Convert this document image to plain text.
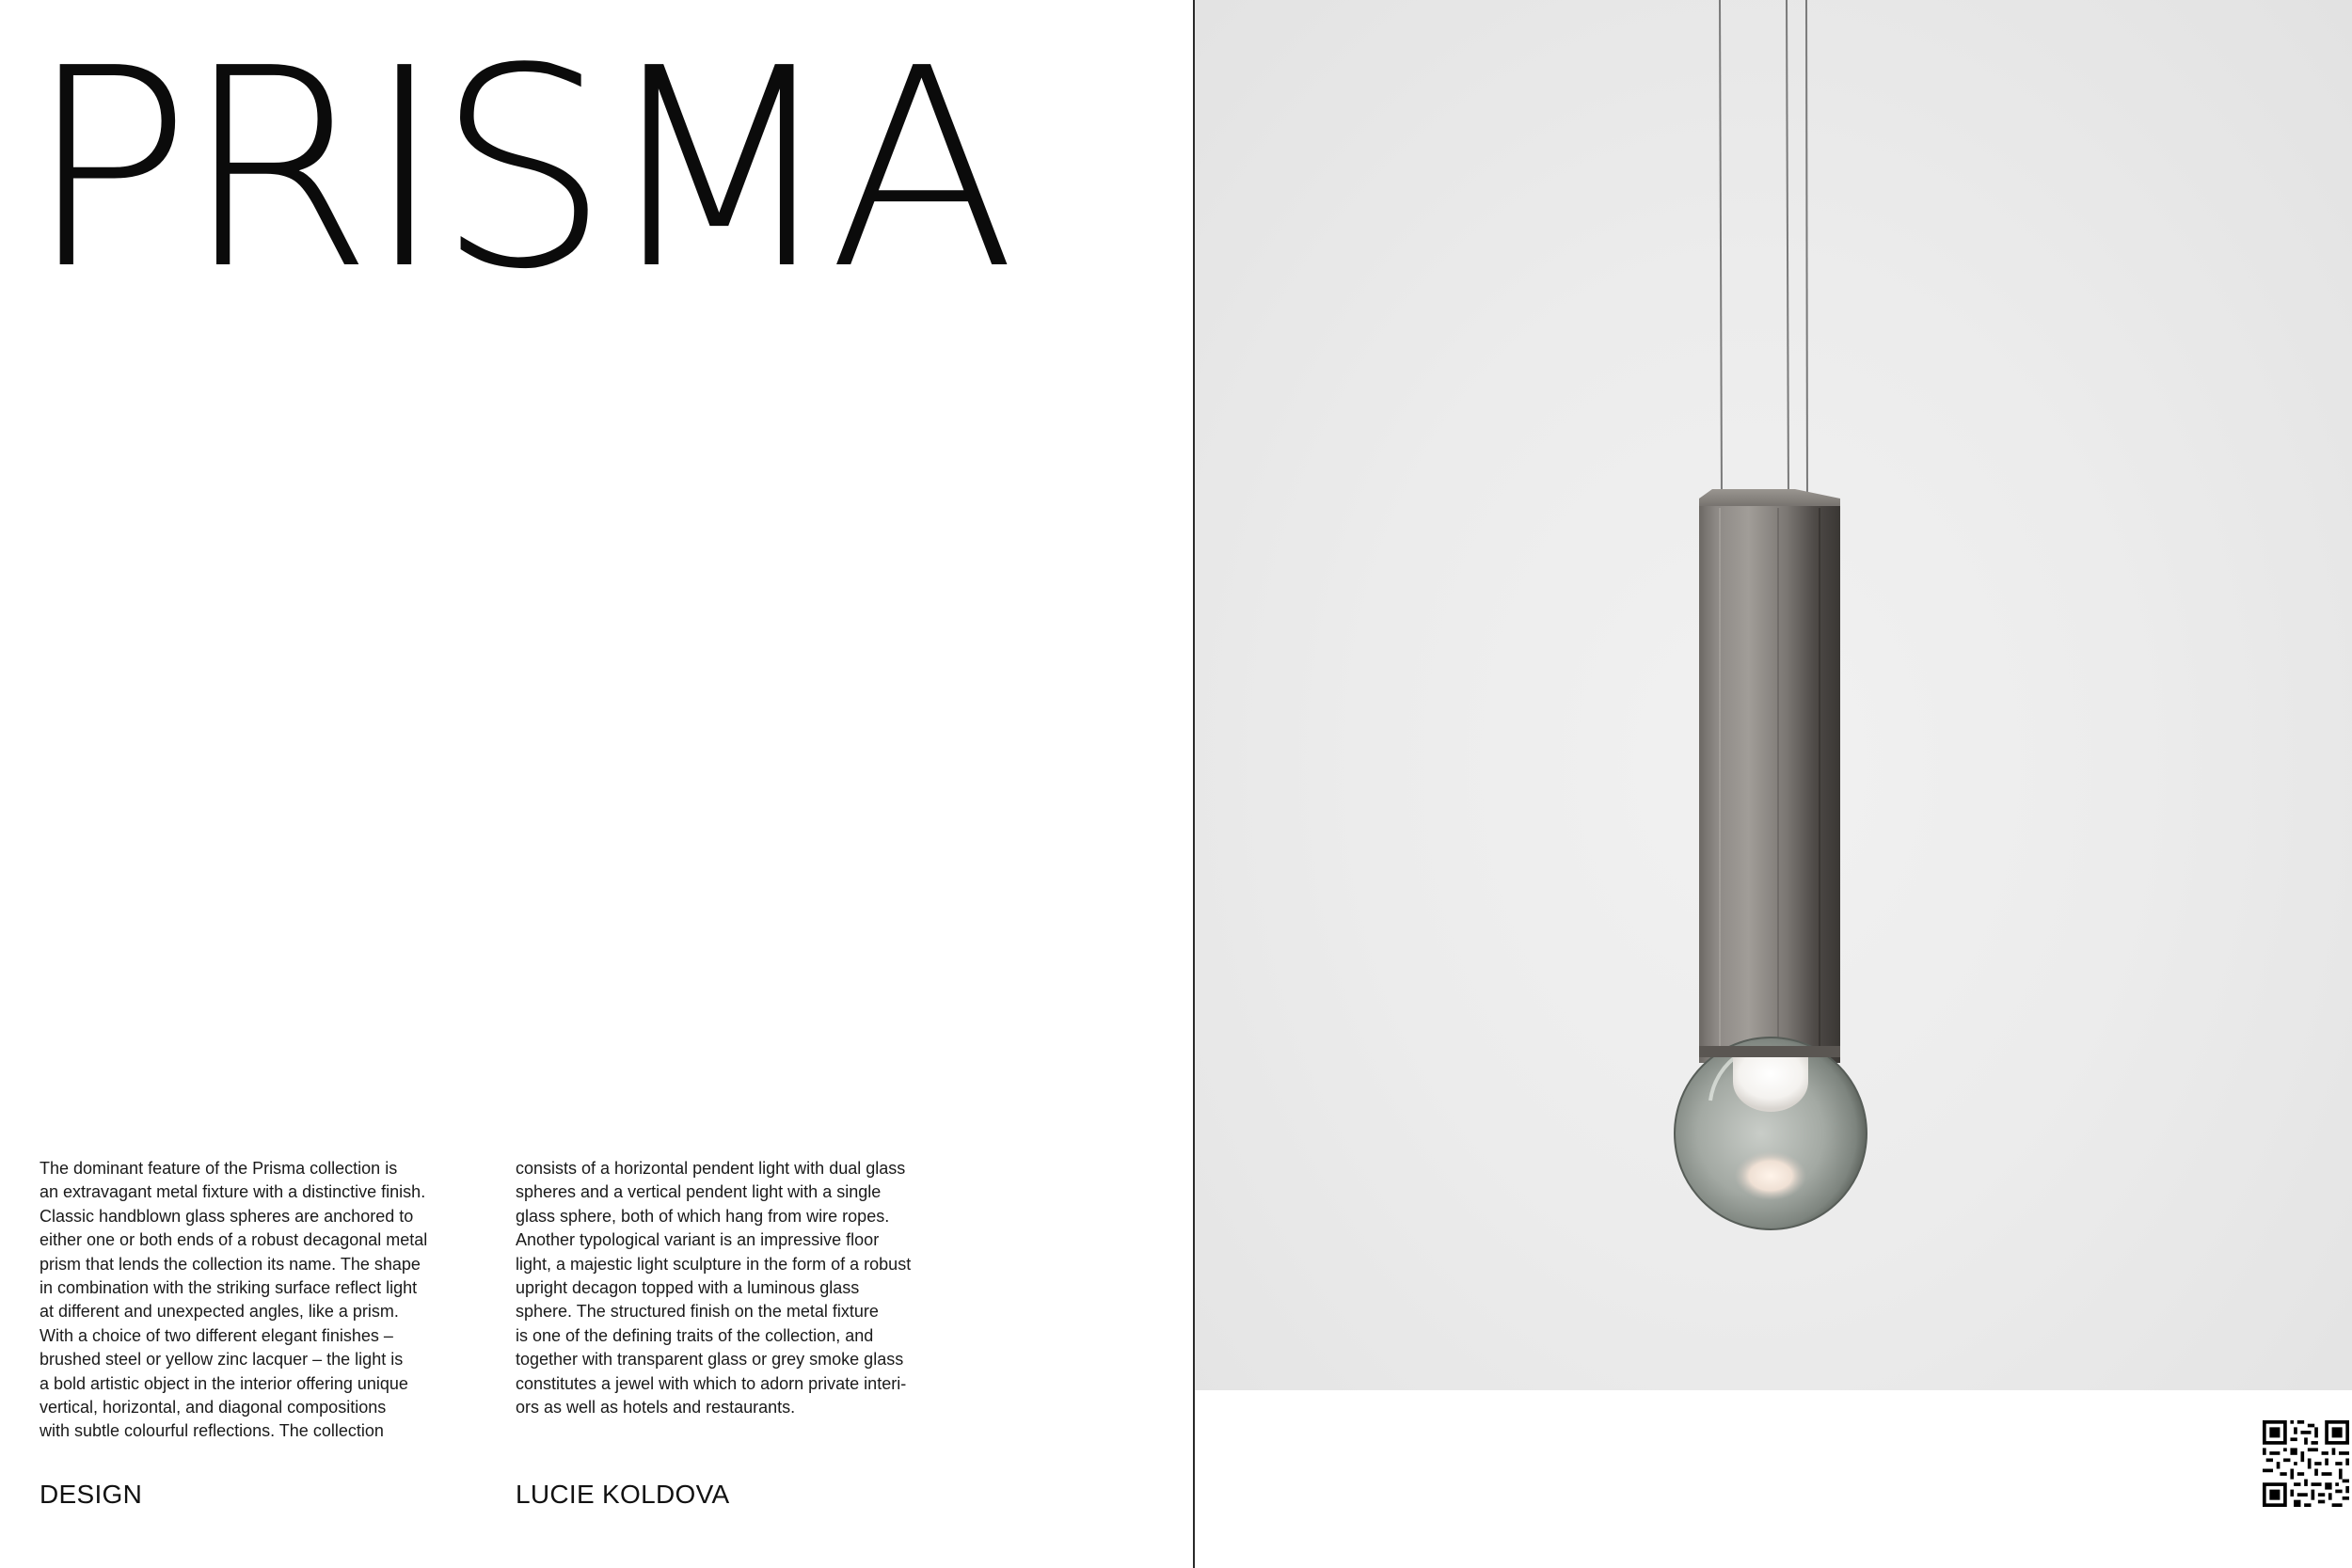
PRISMA
The dominant feature of the Prisma collection is
an extravagant metal fixture with a distinctive finish.
Classic handblown glass spheres are anchored to
either one or both ends of a robust decagonal metal
prism that lends the collection its name. The shape
in combination with the striking surface reflect light
at different and unexpected angles, like a prism.
With a choice of two different elegant finishes –
brushed steel or yellow zinc lacquer – the light is
a bold artistic object in the interior offering unique
vertical, horizontal, and diagonal compositions
with subtle colourful reflections. The collection
consists of a horizontal pendent light with dual glass
spheres and a vertical pendent light with a single
glass sphere, both of which hang from wire ropes.
Another typological variant is an impressive floor
light, a majestic light sculpture in the form of a robust
upright decagon topped with a luminous glass
sphere. The structured finish on the metal fixture
is one of the defining traits of the collection, and
together with transparent glass or grey smoke glass
constitutes a jewel with which to adorn private interi-
ors as well as hotels and restaurants.
DESIGN	LUCIE KOLDOVA
